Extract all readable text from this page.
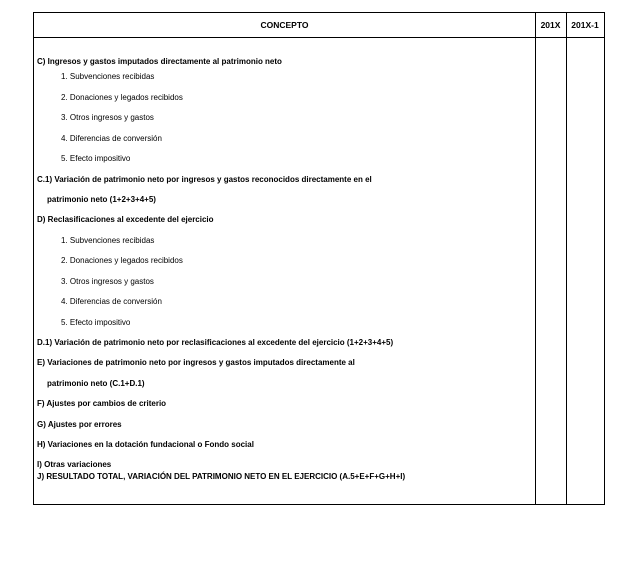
CONCEPTO	201X	201X-1
C) Ingresos y gastos imputados directamente al patrimonio neto
1. Subvenciones recibidas
2. Donaciones y legados recibidos
3. Otros ingresos y gastos
4. Diferencias de conversión
5. Efecto impositivo
C.1) Variación de patrimonio neto por ingresos y gastos reconocidos directamente en el
patrimonio neto (1+2+3+4+5)
D) Reclasificaciones al excedente del ejercicio
1. Subvenciones recibidas
2. Donaciones y legados recibidos
3. Otros ingresos y gastos
4. Diferencias de conversión
5. Efecto impositivo
D.1) Variación de patrimonio neto por reclasificaciones al excedente del ejercicio (1+2+3+4+5)
E) Variaciones de patrimonio neto por ingresos y gastos imputados directamente al
patrimonio neto (C.1+D.1)
F) Ajustes por cambios de criterio
G) Ajustes por errores
H) Variaciones en la dotación fundacional o Fondo social
I) Otras variaciones
J) RESULTADO TOTAL, VARIACIÓN DEL PATRIMONIO NETO EN EL EJERCICIO (A.5+E+F+G+H+I)
